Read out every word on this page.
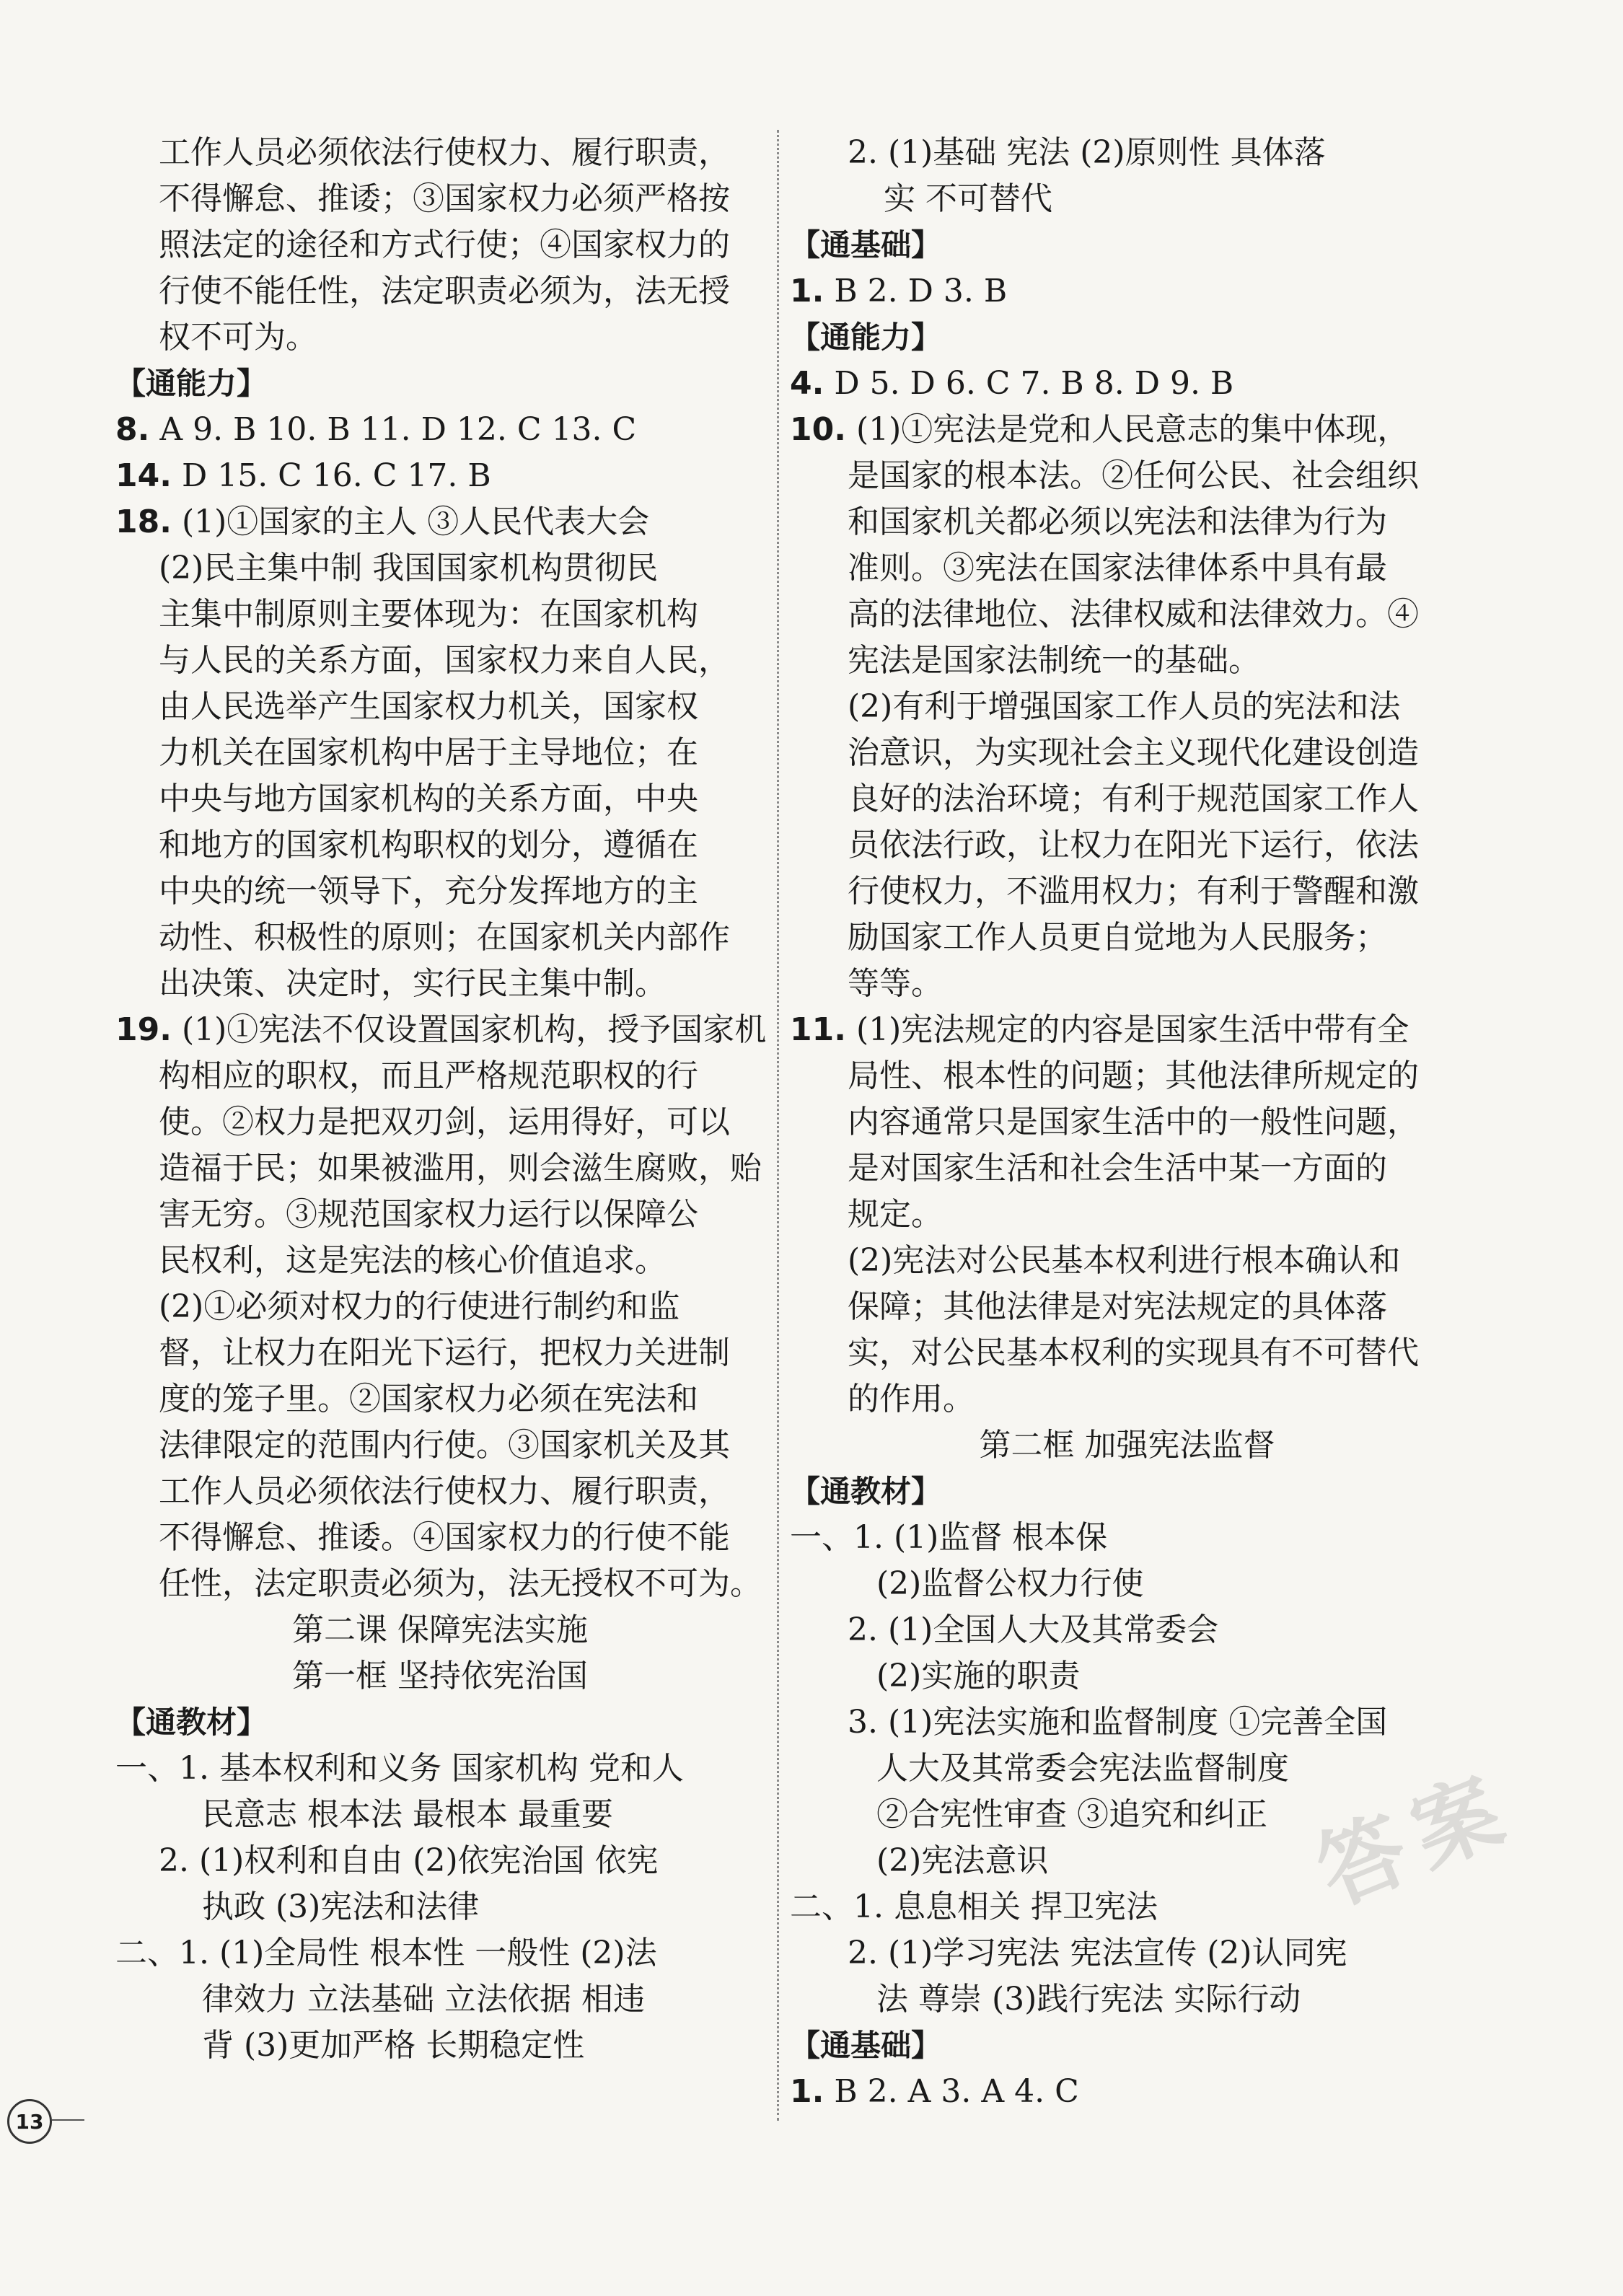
工作人员必须依法行使权力、履行职责，
不得懈怠、推诿；③国家权力必须严格按
照法定的途径和方式行使；④国家权力的
行使不能任性，法定职责必须为，法无授
权不可为。
【通能力】
8. A 9. B 10. B 11. D 12. C 13. C
14. D 15. C 16. C 17. B
18. (1)①国家的主人 ③人民代表大会
(2)民主集中制 我国国家机构贯彻民
主集中制原则主要体现为：在国家机构
与人民的关系方面，国家权力来自人民，
由人民选举产生国家权力机关，国家权
力机关在国家机构中居于主导地位；在
中央与地方国家机构的关系方面，中央
和地方的国家机构职权的划分，遵循在
中央的统一领导下，充分发挥地方的主
动性、积极性的原则；在国家机关内部作
出决策、决定时，实行民主集中制。
19. (1)①宪法不仅设置国家机构，授予国家机
构相应的职权，而且严格规范职权的行
使。②权力是把双刃剑，运用得好，可以
造福于民；如果被滥用，则会滋生腐败，贻
害无穷。③规范国家权力运行以保障公
民权利，这是宪法的核心价值追求。
(2)①必须对权力的行使进行制约和监
督，让权力在阳光下运行，把权力关进制
度的笼子里。②国家权力必须在宪法和
法律限定的范围内行使。③国家机关及其
工作人员必须依法行使权力、履行职责，
不得懈怠、推诿。④国家权力的行使不能
任性，法定职责必须为，法无授权不可为。
第二课 保障宪法实施
第一框 坚持依宪治国
【通教材】
一、1. 基本权利和义务 国家机构 党和人
民意志 根本法 最根本 最重要
2. (1)权利和自由 (2)依宪治国 依宪
执政 (3)宪法和法律
二、1. (1)全局性 根本性 一般性 (2)法
律效力 立法基础 立法依据 相违
背 (3)更加严格 长期稳定性
2. (1)基础 宪法 (2)原则性 具体落
实 不可替代
【通基础】
1. B 2. D 3. B
【通能力】
4. D 5. D 6. C 7. B 8. D 9. B
10. (1)①宪法是党和人民意志的集中体现，
是国家的根本法。②任何公民、社会组织
和国家机关都必须以宪法和法律为行为
准则。③宪法在国家法律体系中具有最
高的法律地位、法律权威和法律效力。④
宪法是国家法制统一的基础。
(2)有利于增强国家工作人员的宪法和法
治意识，为实现社会主义现代化建设创造
良好的法治环境；有利于规范国家工作人
员依法行政，让权力在阳光下运行，依法
行使权力，不滥用权力；有利于警醒和激
励国家工作人员更自觉地为人民服务；
等等。
11. (1)宪法规定的内容是国家生活中带有全
局性、根本性的问题；其他法律所规定的
内容通常只是国家生活中的一般性问题，
是对国家生活和社会生活中某一方面的
规定。
(2)宪法对公民基本权利进行根本确认和
保障；其他法律是对宪法规定的具体落
实，对公民基本权利的实现具有不可替代
的作用。
第二框 加强宪法监督
【通教材】
一、1. (1)监督 根本保
(2)监督公权力行使
2. (1)全国人大及其常委会
(2)实施的职责
3. (1)宪法实施和监督制度 ①完善全国
人大及其常委会宪法监督制度
②合宪性审查 ③追究和纠正
(2)宪法意识
二、1. 息息相关 捍卫宪法
2. (1)学习宪法 宪法宣传 (2)认同宪
法 尊崇 (3)践行宪法 实际行动
【通基础】
1. B 2. A 3. A 4. C
13
答案
